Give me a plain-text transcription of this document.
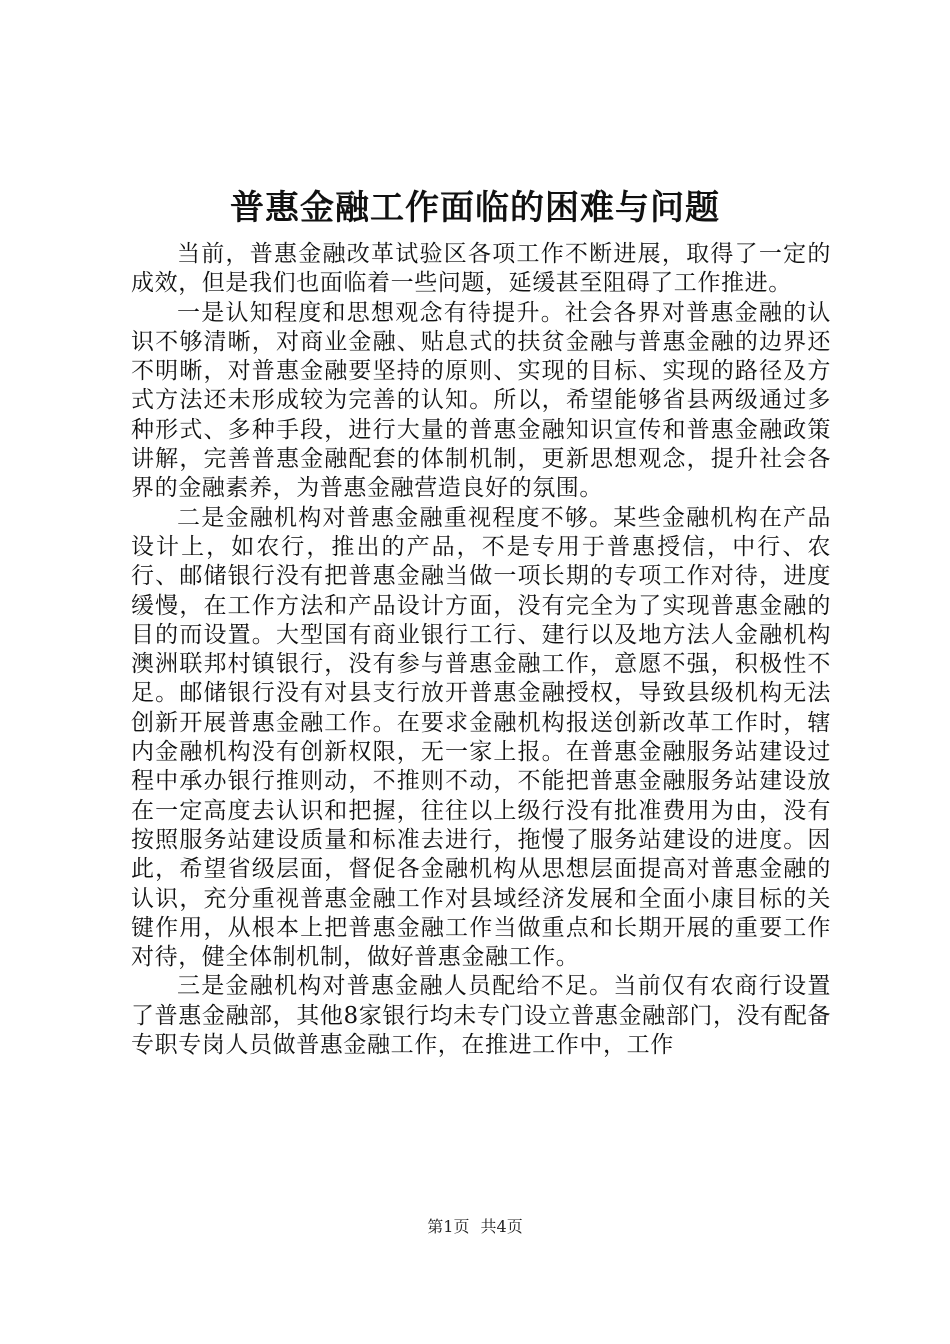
普惠金融工作面临的困难与问题

当前，普惠金融改革试验区各项工作不断进展，取得了一定的成效，但是我们也面临着一些问题，延缓甚至阻碍了工作推进。

一是认知程度和思想观念有待提升。社会各界对普惠金融的认识不够清晰，对商业金融、贴息式的扶贫金融与普惠金融的边界还不明晰，对普惠金融要坚持的原则、实现的目标、实现的路径及方式方法还未形成较为完善的认知。所以，希望能够省县两级通过多种形式、多种手段，进行大量的普惠金融知识宣传和普惠金融政策讲解，完善普惠金融配套的体制机制，更新思想观念，提升社会各界的金融素养，为普惠金融营造良好的氛围。

二是金融机构对普惠金融重视程度不够。某些金融机构在产品设计上，如农行，推出的产品，不是专用于普惠授信，中行、农行、邮储银行没有把普惠金融当做一项长期的专项工作对待，进度缓慢，在工作方法和产品设计方面，没有完全为了实现普惠金融的目的而设置。大型国有商业银行工行、建行以及地方法人金融机构澳洲联邦村镇银行，没有参与普惠金融工作，意愿不强，积极性不足。邮储银行没有对县支行放开普惠金融授权，导致县级机构无法创新开展普惠金融工作。在要求金融机构报送创新改革工作时，辖内金融机构没有创新权限，无一家上报。在普惠金融服务站建设过程中承办银行推则动，不推则不动，不能把普惠金融服务站建设放在一定高度去认识和把握，往往以上级行没有批准费用为由，没有按照服务站建设质量和标准去进行，拖慢了服务站建设的进度。因此，希望省级层面，督促各金融机构从思想层面提高对普惠金融的认识，充分重视普惠金融工作对县域经济发展和全面小康目标的关键作用，从根本上把普惠金融工作当做重点和长期开展的重要工作对待，健全体制机制，做好普惠金融工作。

三是金融机构对普惠金融人员配给不足。当前仅有农商行设置了普惠金融部，其他8家银行均未专门设立普惠金融部门，没有配备专职专岗人员做普惠金融工作，在推进工作中，工作

第1页 共4页
